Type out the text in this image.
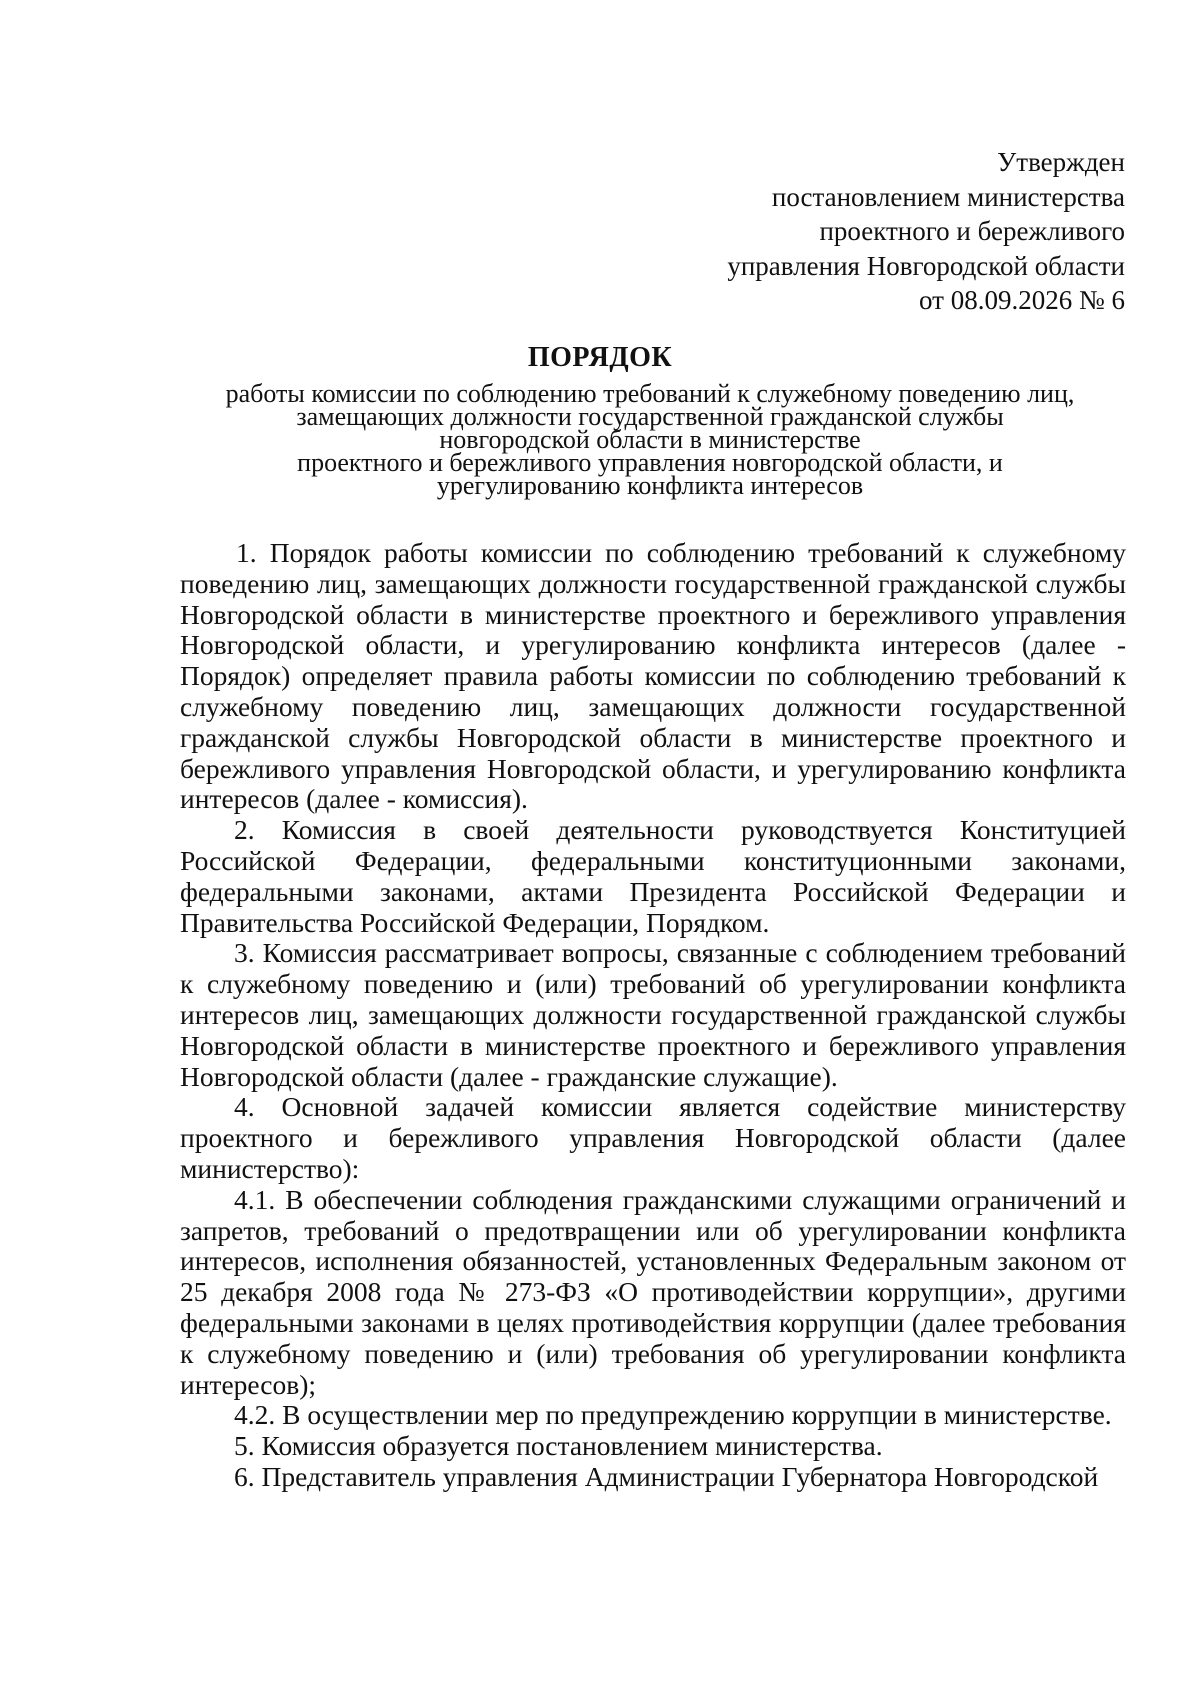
Утвержден
постановлением министерства
проектного и бережливого
управления Новгородской области
от 08.09.2026 № 6
ПОРЯДОК
работы комиссии по соблюдению требований к служебному поведению лиц,
замещающих должности государственной гражданской службы
новгородской области в министерстве
проектного и бережливого управления новгородской области, и
урегулированию конфликта интересов

1. Порядок работы комиссии по соблюдению требований к служебному поведению лиц, замещающих должности государственной гражданской службы Новгородской области в министерстве проектного и бережливого управления Новгородской области, и урегулированию конфликта интересов (далее - Порядок) определяет правила работы комиссии по соблюдению требований к служебному поведению лиц, замещающих должности государственной гражданской службы Новгородской области в министерстве проектного и бережливого управления Новгородской области, и урегулированию конфликта интересов (далее - комиссия).

2. Комиссия в своей деятельности руководствуется Конституцией Российской Федерации, федеральными конституционными законами, федеральными законами, актами Президента Российской Федерации и Правительства Российской Федерации, Порядком.

3. Комиссия рассматривает вопросы, связанные с соблюдением требований к служебному поведению и (или) требований об урегулировании конфликта интересов лиц, замещающих должности государственной гражданской службы Новгородской области в министерстве проектного и бережливого управления Новгородской области (далее - гражданские служащие).

4. Основной задачей комиссии является содействие министерству проектного и бережливого управления Новгородской области (далее министерство):

4.1. В обеспечении соблюдения гражданскими служащими ограничений и запретов, требований о предотвращении или об урегулировании конфликта интересов, исполнения обязанностей, установленных Федеральным законом от 25 декабря 2008 года № 273-ФЗ «О противодействии коррупции», другими федеральными законами в целях противодействия коррупции (далее требования к служебному поведению и (или) требования об урегулировании конфликта интересов);

4.2. В осуществлении мер по предупреждению коррупции в министерстве.

5. Комиссия образуется постановлением министерства.

6. Представитель управления Администрации Губернатора Новгородской
